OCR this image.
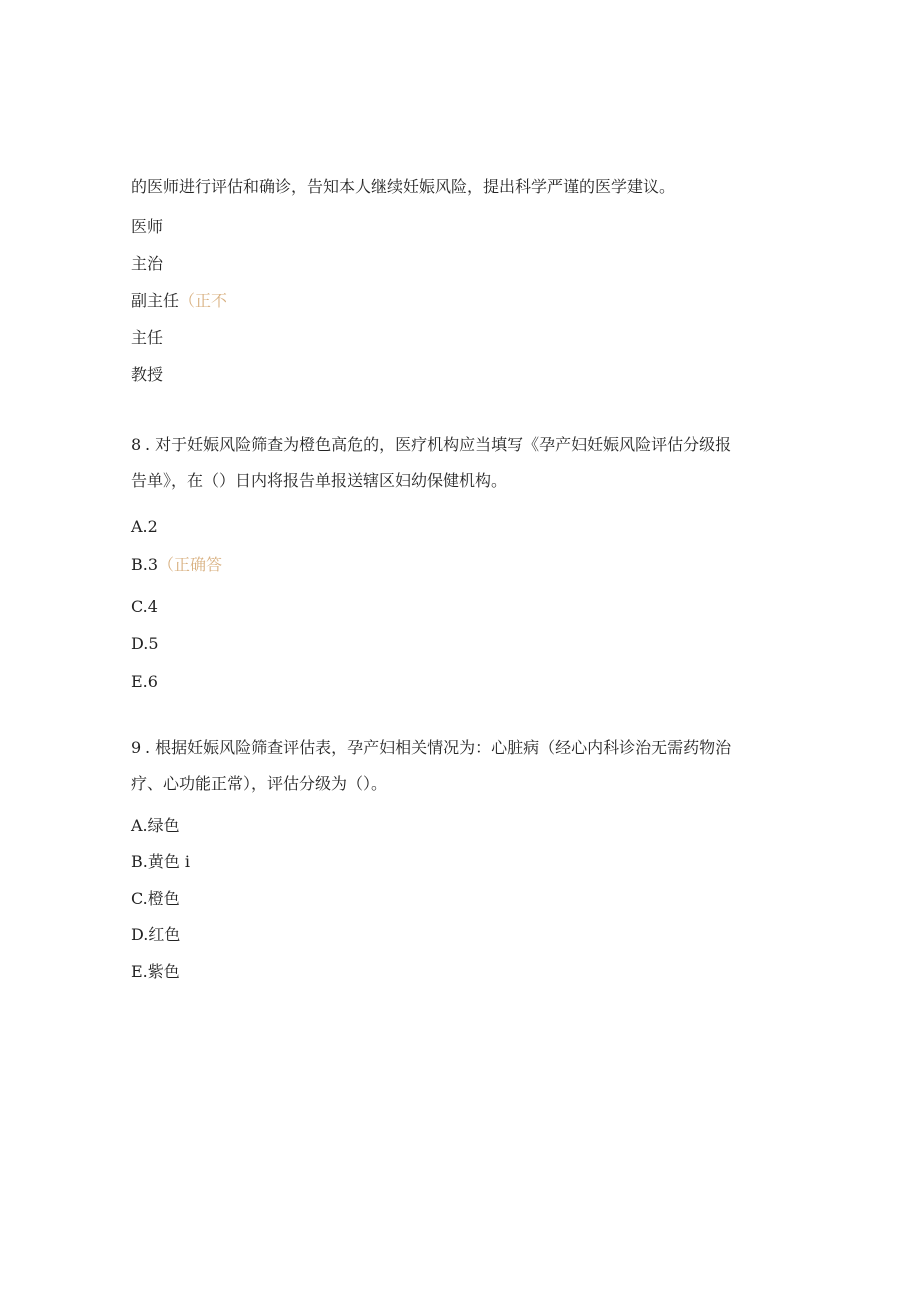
的医师进行评估和确诊，告知本人继续妊娠风险，提出科学严谨的医学建议。
医师
主治
副主任（正不
主任
教授
8 . 对于妊娠风险筛查为橙色高危的，医疗机构应当填写《孕产妇妊娠风险评估分级报
告单》，在（）日内将报告单报送辖区妇幼保健机构。
A.2
B.3（正确答
C.4
D.5
E.6
9 . 根据妊娠风险筛查评估表，孕产妇相关情况为：心脏病（经心内科诊治无需药物治
疗、心功能正常），评估分级为（）。
A.绿色
B.黄色 i
C.橙色
D.红色
E.紫色
